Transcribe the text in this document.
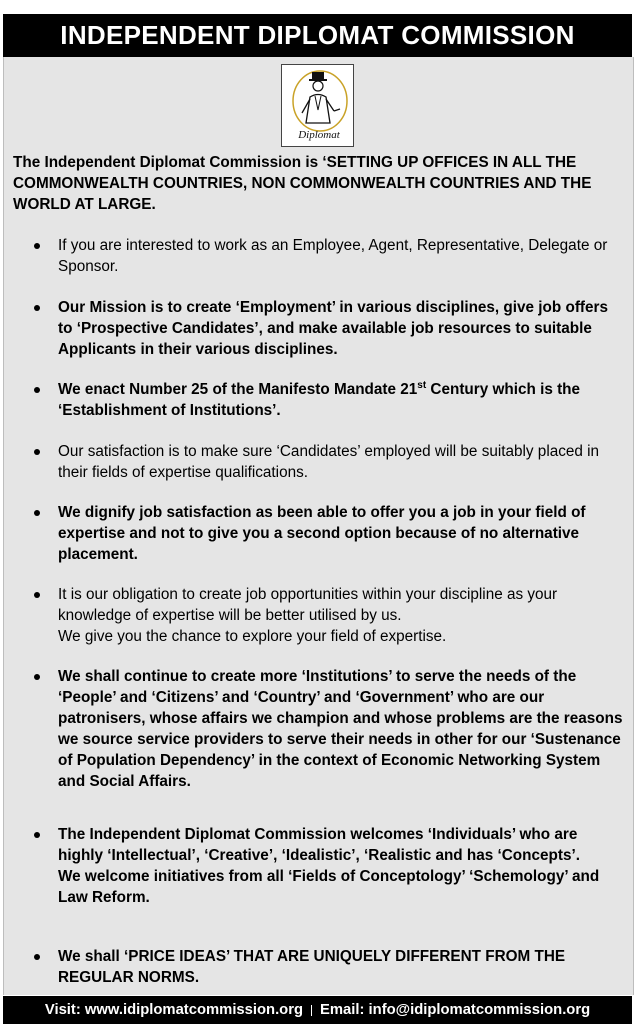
INDEPENDENT DIPLOMAT COMMISSION
Diplomat
The Independent Diplomat Commission is ‘SETTING UP OFFICES IN ALL THE COMMONWEALTH COUNTRIES, NON COMMONWEALTH COUNTRIES AND THE WORLD AT LARGE.
If you are interested to work as an Employee, Agent, Representative, Delegate or Sponsor.
Our Mission is to create ‘Employment’ in various disciplines, give job offers to ‘Prospective Candidates’, and make available job resources to suitable Applicants in their various disciplines.
We enact Number 25 of the Manifesto Mandate 21st Century which is the ‘Establishment of Institutions’.
Our satisfaction is to make sure ‘Candidates’ employed will be suitably placed in their fields of expertise qualifications.
We dignify job satisfaction as been able to offer you a job in your field of expertise and not to give you a second option because of no alternative placement.

It is our obligation to create job opportunities within your discipline as your knowledge of expertise will be better utilised by us.

We give you the chance to explore your field of expertise.

We shall continue to create more ‘Institutions’ to serve the needs of the ‘People’ and ‘Citizens’ and ‘Country’ and ‘Government’ who are our patronisers, whose affairs we champion and whose problems are the reasons we source service providers to serve their needs in other for our ‘Sustenance of Population Dependency’ in the context of Economic Networking System and Social Affairs.

The Independent Diplomat Commission welcomes ‘Individuals’ who are highly ‘Intellectual’, ‘Creative’, ‘Idealistic’, ‘Realistic and has ‘Concepts’.

We welcome initiatives from all ‘Fields of Conceptology’ ‘Schemology’ and Law Reform.

We shall ‘PRICE IDEAS’ THAT ARE UNIQUELY DIFFERENT FROM THE REGULAR NORMS.
Visit: www.idiplomatcommission.org Email: info@idiplomatcommission.org
